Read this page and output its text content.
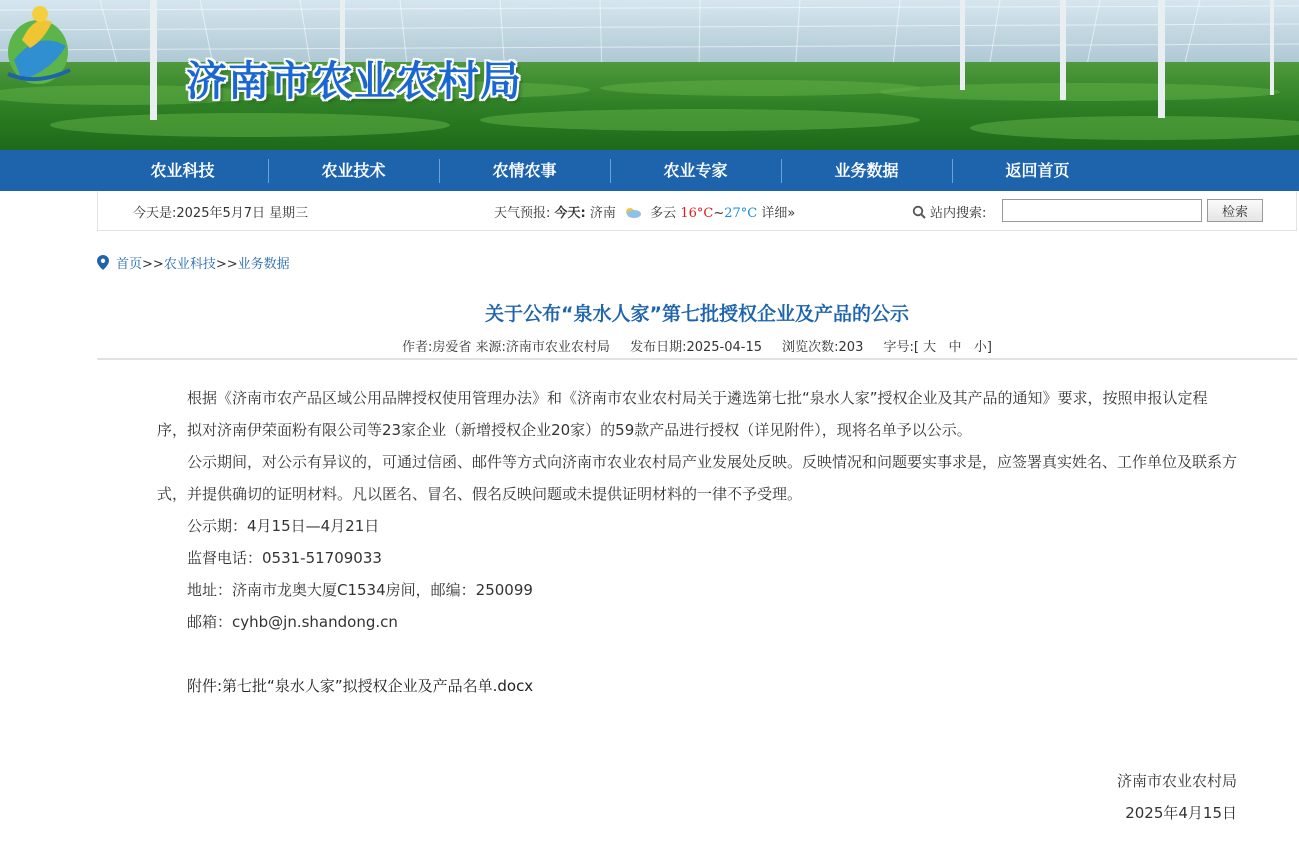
济南市农业农村局
农业科技	农业技术	农情农事	农业专家	业务数据	返回首页
今天是:2025年5月7日 星期三	天气预报: 今天: 济南	多云 16°C~27°C 详细»	站内搜索:	检索
首页>>农业科技>>业务数据
关于公布“泉水人家”第七批授权企业及产品的公示
作者:房爱省 来源:济南市农业农村局 发布日期:2025-04-15 浏览次数:203 字号:[ 大   中   小]

根据《济南市农产品区域公用品牌授权使用管理办法》和《济南市农业农村局关于遴选第七批“泉水人家”授权企业及其产品的通知》要求，按照申报认定程序，拟对济南伊荣面粉有限公司等23家企业（新增授权企业20家）的59款产品进行授权（详见附件），现将名单予以公示。

公示期间，对公示有异议的，可通过信函、邮件等方式向济南市农业农村局产业发展处反映。反映情况和问题要实事求是，应签署真实姓名、工作单位及联系方式，并提供确切的证明材料。凡以匿名、冒名、假名反映问题或未提供证明材料的一律不予受理。

公示期：4月15日—4月21日

监督电话：0531-51709033

地址：济南市龙奥大厦C1534房间，邮编：250099

邮箱：cyhb@jn.shandong.cn

附件:第七批“泉水人家”拟授权企业及产品名单.docx

济南市农业农村局
2025年4月15日
